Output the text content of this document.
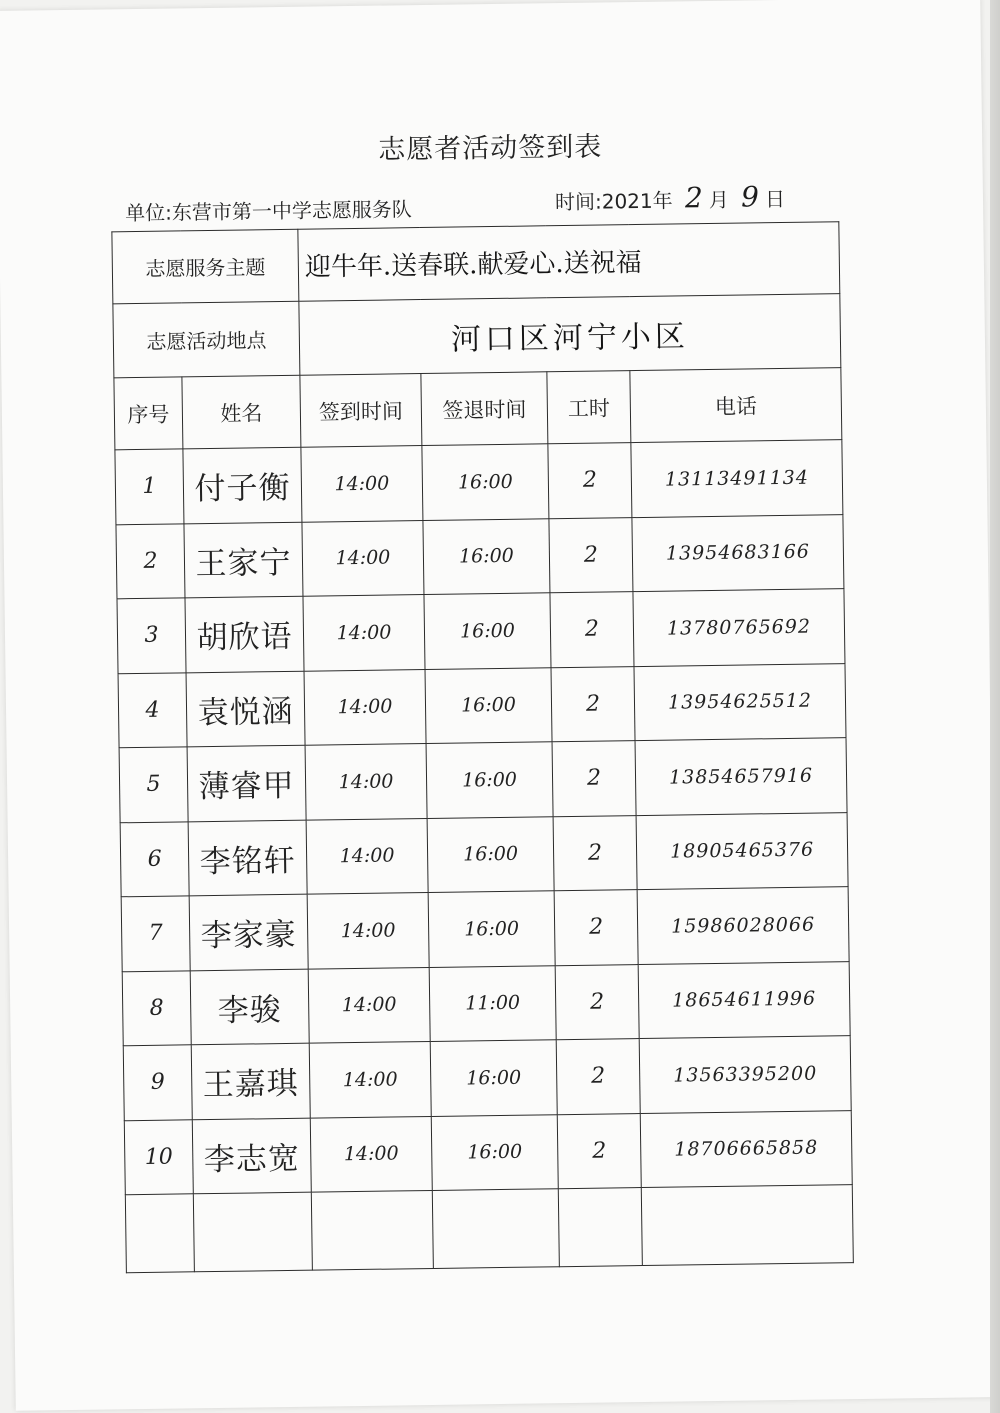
志愿者活动签到表
单位:东营市第一中学志愿服务队	时间:2021年 2 月 9 日
志愿服务主题		迎牛年.送春联.献爱心.送祝福			
志愿活动地点		河口区河宁小区			
序号	姓名	签到时间	签退时间	工时	电话
1	付子衡	14:00	16:00	2	13113491134
2	王家宁	14:00	16:00	2	13954683166
3	胡欣语	14:00	16:00	2	13780765692
4	袁悦涵	14:00	16:00	2	13954625512
5	薄睿甲	14:00	16:00	2	13854657916
6	李铭轩	14:00	16:00	2	18905465376
7	李家豪	14:00	16:00	2	15986028066
8	李骏	14:00	11:00	2	18654611996
9	王嘉琪	14:00	16:00	2	13563395200
10	李志宽	14:00	16:00	2	18706665858
